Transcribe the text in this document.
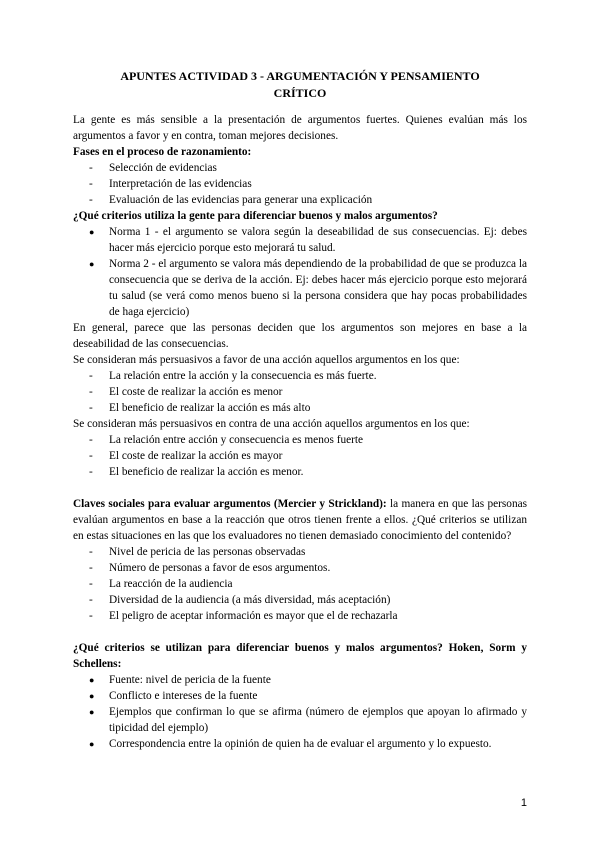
APUNTES ACTIVIDAD 3 - ARGUMENTACIÓN Y PENSAMIENTO CRÍTICO

La gente es más sensible a la presentación de argumentos fuertes. Quienes evalúan más los argumentos a favor y en contra, toman mejores decisiones.

Fases en el proceso de razonamiento:

- Selección de evidencias
- Interpretación de las evidencias
- Evaluación de las evidencias para generar una explicación

¿Qué criterios utiliza la gente para diferenciar buenos y malos argumentos?

● Norma 1 - el argumento se valora según la deseabilidad de sus consecuencias. Ej: debes hacer más ejercicio porque esto mejorará tu salud.
● Norma 2 - el argumento se valora más dependiendo de la probabilidad de que se produzca la consecuencia que se deriva de la acción. Ej: debes hacer más ejercicio porque esto mejorará tu salud (se verá como menos bueno si la persona considera que hay pocas probabilidades de haga ejercicio)

En general, parece que las personas deciden que los argumentos son mejores en base a la deseabilidad de las consecuencias.

Se consideran más persuasivos a favor de una acción aquellos argumentos en los que:

- La relación entre la acción y la consecuencia es más fuerte.
- El coste de realizar la acción es menor
- El beneficio de realizar la acción es más alto

Se consideran más persuasivos en contra de una acción aquellos argumentos en los que:

- La relación entre acción y consecuencia es menos fuerte
- El coste de realizar la acción es mayor
- El beneficio de realizar la acción es menor.

Claves sociales para evaluar argumentos (Mercier y Strickland): la manera en que las personas evalúan argumentos en base a la reacción que otros tienen frente a ellos. ¿Qué criterios se utilizan en estas situaciones en las que los evaluadores no tienen demasiado conocimiento del contenido?

- Nivel de pericia de las personas observadas
- Número de personas a favor de esos argumentos.
- La reacción de la audiencia
- Diversidad de la audiencia (a más diversidad, más aceptación)
- El peligro de aceptar información es mayor que el de rechazarla

¿Qué criterios se utilizan para diferenciar buenos y malos argumentos? Hoken, Sorm y Schellens:

● Fuente: nivel de pericia de la fuente
● Conflicto e intereses de la fuente
● Ejemplos que confirman lo que se afirma (número de ejemplos que apoyan lo afirmado y tipicidad del ejemplo)
● Correspondencia entre la opinión de quien ha de evaluar el argumento y lo expuesto.
1
